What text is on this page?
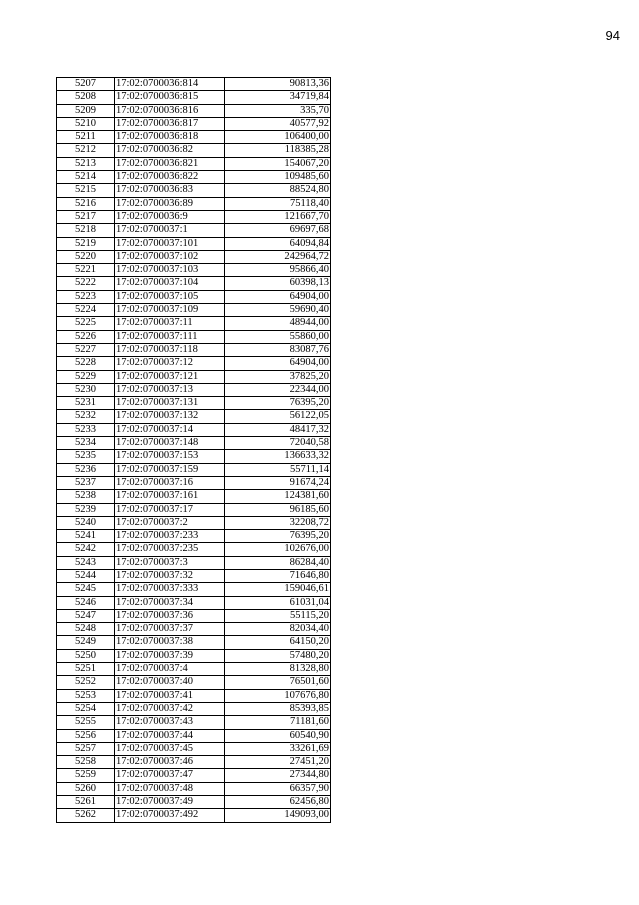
94
5207	17:02:0700036:814	90813,36
5208	17:02:0700036:815	34719,84
5209	17:02:0700036:816	335,70
5210	17:02:0700036:817	40577,92
5211	17:02:0700036:818	106400,00
5212	17:02:0700036:82	118385,28
5213	17:02:0700036:821	154067,20
5214	17:02:0700036:822	109485,60
5215	17:02:0700036:83	88524,80
5216	17:02:0700036:89	75118,40
5217	17:02:0700036:9	121667,70
5218	17:02:0700037:1	69697,68
5219	17:02:0700037:101	64094,84
5220	17:02:0700037:102	242964,72
5221	17:02:0700037:103	95866,40
5222	17:02:0700037:104	60398,13
5223	17:02:0700037:105	64904,00
5224	17:02:0700037:109	59690,40
5225	17:02:0700037:11	48944,00
5226	17:02:0700037:111	55860,00
5227	17:02:0700037:118	83087,76
5228	17:02:0700037:12	64904,00
5229	17:02:0700037:121	37825,20
5230	17:02:0700037:13	22344,00
5231	17:02:0700037:131	76395,20
5232	17:02:0700037:132	56122,05
5233	17:02:0700037:14	48417,32
5234	17:02:0700037:148	72040,58
5235	17:02:0700037:153	136633,32
5236	17:02:0700037:159	55711,14
5237	17:02:0700037:16	91674,24
5238	17:02:0700037:161	124381,60
5239	17:02:0700037:17	96185,60
5240	17:02:0700037:2	32208,72
5241	17:02:0700037:233	76395,20
5242	17:02:0700037:235	102676,00
5243	17:02:0700037:3	86284,40
5244	17:02:0700037:32	71646,80
5245	17:02:0700037:333	159046,61
5246	17:02:0700037:34	61031,04
5247	17:02:0700037:36	55115,20
5248	17:02:0700037:37	82034,40
5249	17:02:0700037:38	64150,20
5250	17:02:0700037:39	57480,20
5251	17:02:0700037:4	81328,80
5252	17:02:0700037:40	76501,60
5253	17:02:0700037:41	107676,80
5254	17:02:0700037:42	85393,85
5255	17:02:0700037:43	71181,60
5256	17:02:0700037:44	60540,90
5257	17:02:0700037:45	33261,69
5258	17:02:0700037:46	27451,20
5259	17:02:0700037:47	27344,80
5260	17:02:0700037:48	66357,90
5261	17:02:0700037:49	62456,80
5262	17:02:0700037:492	149093,00
